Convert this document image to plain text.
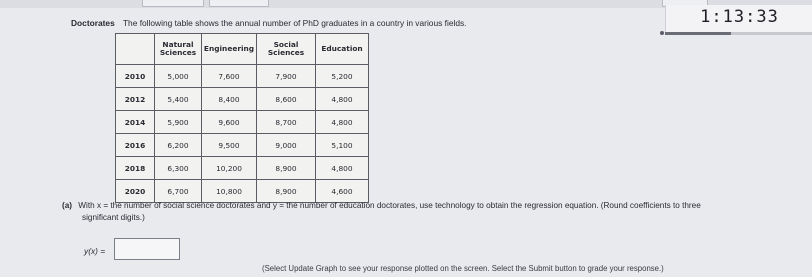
Doctorates The following table shows the annual number of PhD graduates in a country in various fields.	1:13:33
	Natural Sciences	Engineering	Social Sciences	Education
2010	5,000	7,600	7,900	5,200
2012	5,400	8,400	8,600	4,800
2014	5,900	9,600	8,700	4,800
2016	6,200	9,500	9,000	5,100
2018	6,300	10,200	8,900	4,800
2020	6,700	10,800	8,900	4,600
(a) With x = the number of social science doctorates and y = the number of education doctorates, use technology to obtain the regression equation. (Round coefficients to three
significant digits.)
y(x) =
(Select Update Graph to see your response plotted on the screen. Select the Submit button to grade your response.)
